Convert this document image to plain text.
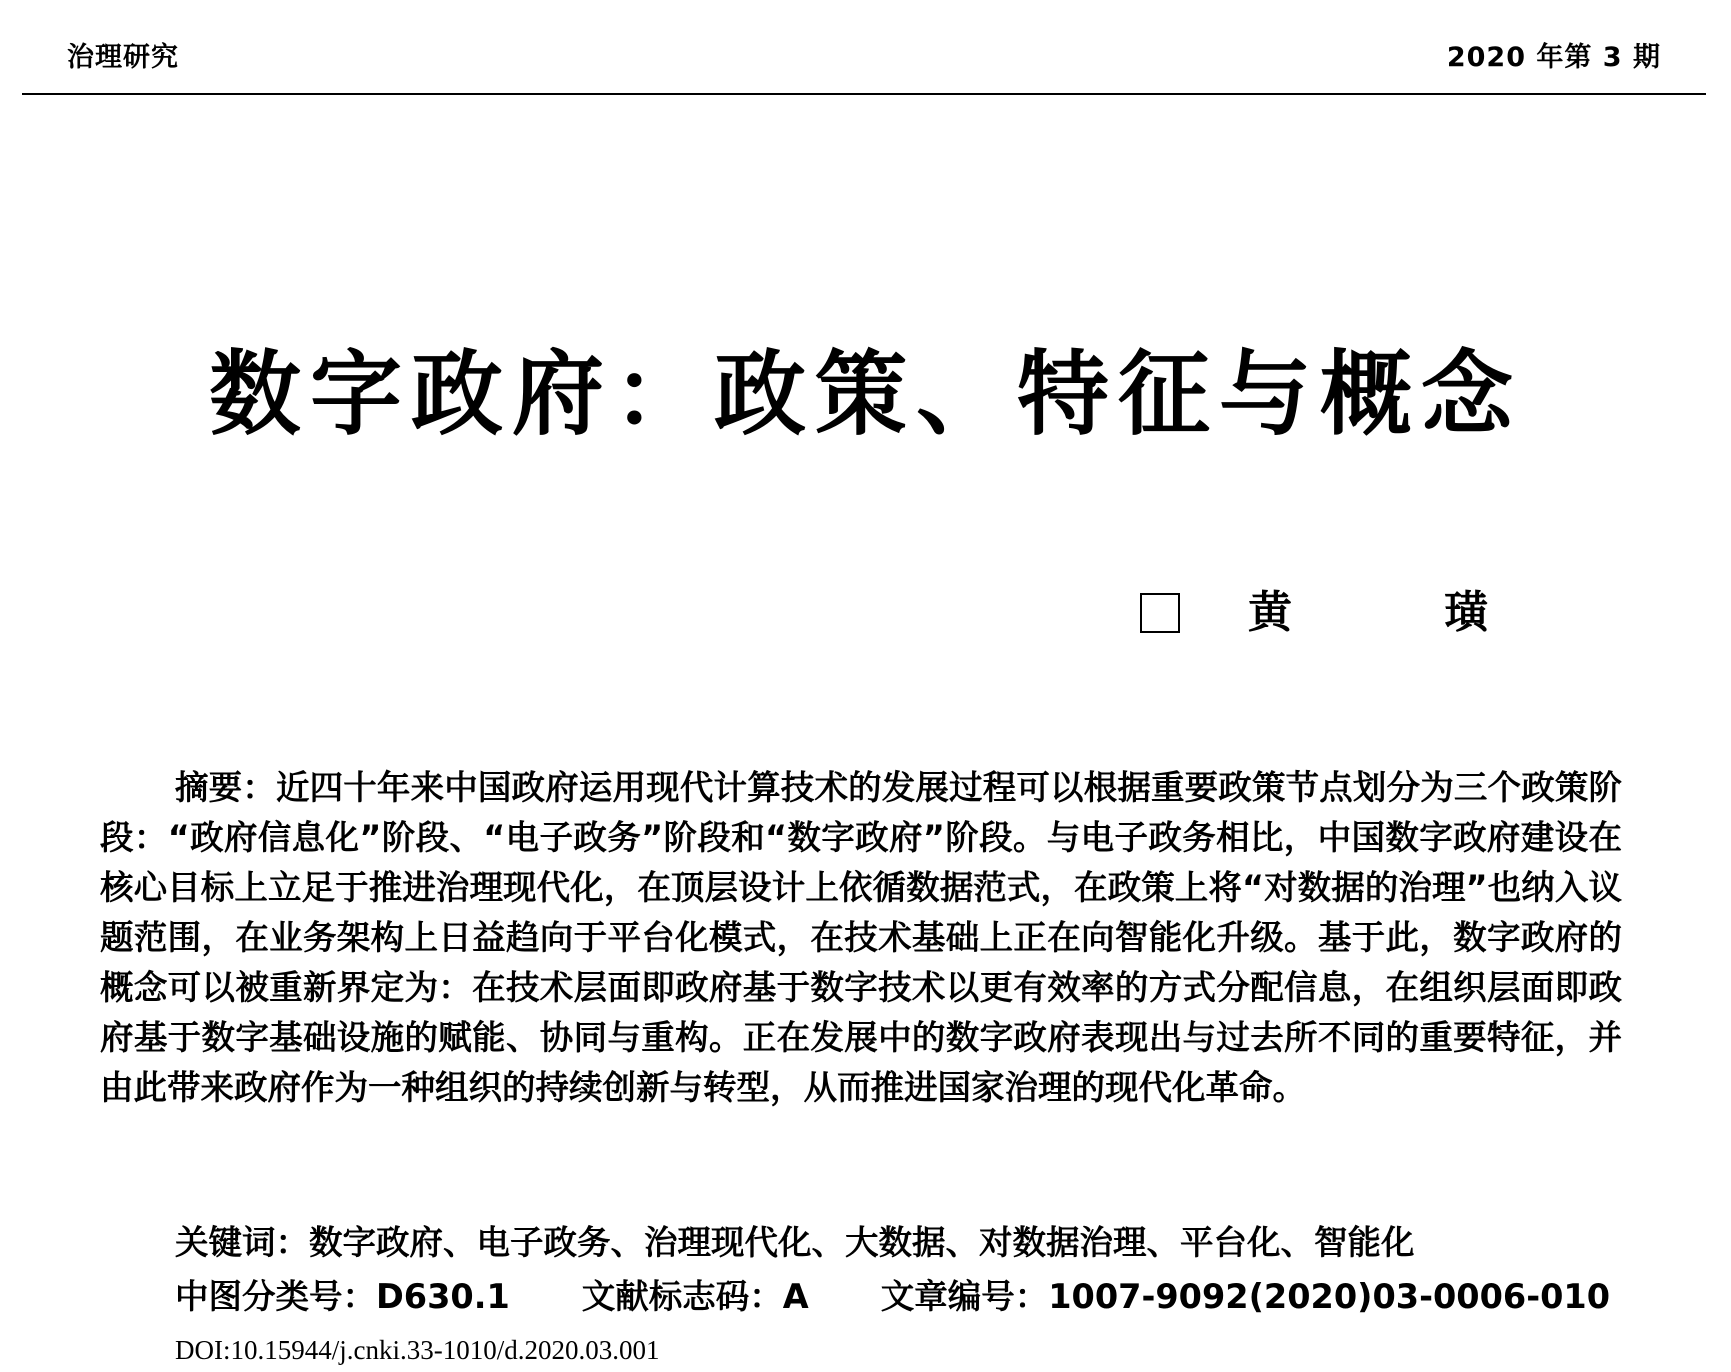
治理研究	2020 年第 3 期
数字政府：政策、特征与概念
黄　璜

摘要：近四十年来中国政府运用现代计算技术的发展过程可以根据重要政策节点划分为三个政策阶段：“政府信息化”阶段、“电子政务”阶段和“数字政府”阶段。与电子政务相比，中国数字政府建设在核心目标上立足于推进治理现代化，在顶层设计上依循数据范式，在政策上将“对数据的治理”也纳入议题范围，在业务架构上日益趋向于平台化模式，在技术基础上正在向智能化升级。基于此，数字政府的概念可以被重新界定为：在技术层面即政府基于数字技术以更有效率的方式分配信息，在组织层面即政府基于数字基础设施的赋能、协同与重构。正在发展中的数字政府表现出与过去所不同的重要特征，并由此带来政府作为一种组织的持续创新与转型，从而推进国家治理的现代化革命。

关键词：数字政府、电子政务、治理现代化、大数据、对数据治理、平台化、智能化
中图分类号：D630.1 文献标志码：A 文章编号：1007-9092(2020)03-0006-010
DOI:10.15944/j.cnki.33-1010/d.2020.03.001
